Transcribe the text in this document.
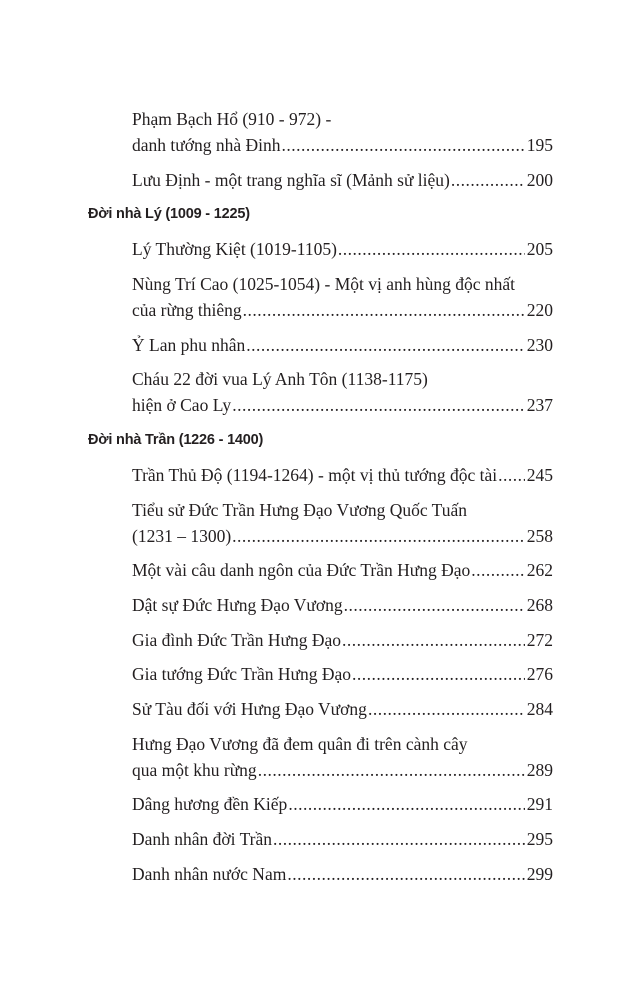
Phạm Bạch Hổ (910 - 972) -
danh tướng nhà Đinh .....	195
Lưu Định - một trang nghĩa sĩ (Mảnh sử liệu) .....	200
Đời nhà Lý (1009 - 1225)
Lý Thường Kiệt (1019-1105) .....	205
Nùng Trí Cao (1025-1054) - Một vị anh hùng độc nhất
của rừng thiêng .....	220
Ỷ Lan phu nhân .....	230
Cháu 22 đời vua Lý Anh Tôn (1138-1175)
hiện ở Cao Ly .....	237
Đời nhà Trần (1226 - 1400)
Trần Thủ Độ (1194-1264) - một vị thủ tướng độc tài ..... 245
Tiểu sử Đức Trần Hưng Đạo Vương Quốc Tuấn
(1231 – 1300) .....	258
Một vài câu danh ngôn của Đức Trần Hưng Đạo .....	262
Dật sự Đức Hưng Đạo Vương .....	268
Gia đình Đức Trần Hưng Đạo .....	272
Gia tướng Đức Trần Hưng Đạo .....	276
Sử Tàu đối với Hưng Đạo Vương .....	284
Hưng Đạo Vương đã đem quân đi trên cành cây
qua một khu rừng .....	289
Dâng hương đền Kiếp .....	291
Danh nhân đời Trần .....	295
Danh nhân nước Nam .....	299
